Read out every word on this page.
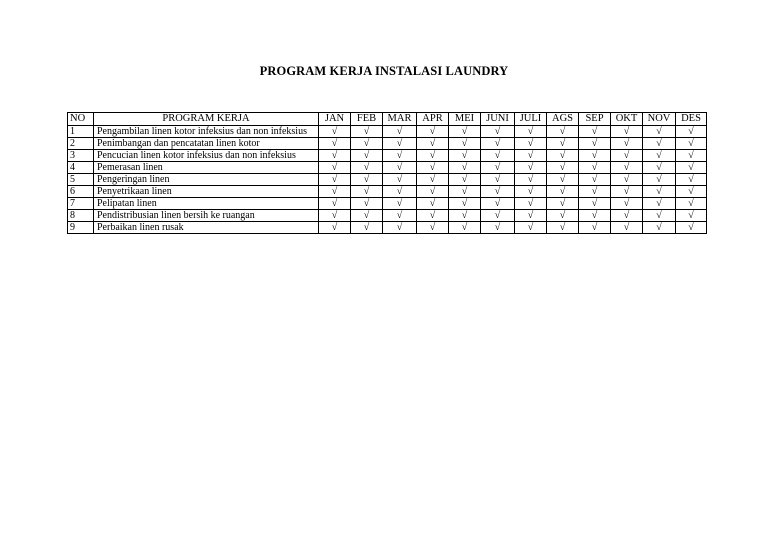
PROGRAM KERJA INSTALASI LAUNDRY
NO	PROGRAM KERJA	JAN	FEB	MAR	APR	MEI	JUNI	JULI	AGS	SEP	OKT	NOV	DES
1	Pengambilan linen kotor infeksius dan non infeksius	√	√	√	√	√	√	√	√	√	√	√	√
2	Penimbangan dan pencatatan linen kotor	√	√	√	√	√	√	√	√	√	√	√	√
3	Pencucian linen kotor infeksius dan non infeksius	√	√	√	√	√	√	√	√	√	√	√	√
4	Pemerasan linen	√	√	√	√	√	√	√	√	√	√	√	√
5	Pengeringan linen	√	√	√	√	√	√	√	√	√	√	√	√
6	Penyetrikaan linen	√	√	√	√	√	√	√	√	√	√	√	√
7	Pelipatan linen	√	√	√	√	√	√	√	√	√	√	√	√
8	Pendistribusian linen bersih ke ruangan	√	√	√	√	√	√	√	√	√	√	√	√
9	Perbaikan linen rusak	√	√	√	√	√	√	√	√	√	√	√	√
